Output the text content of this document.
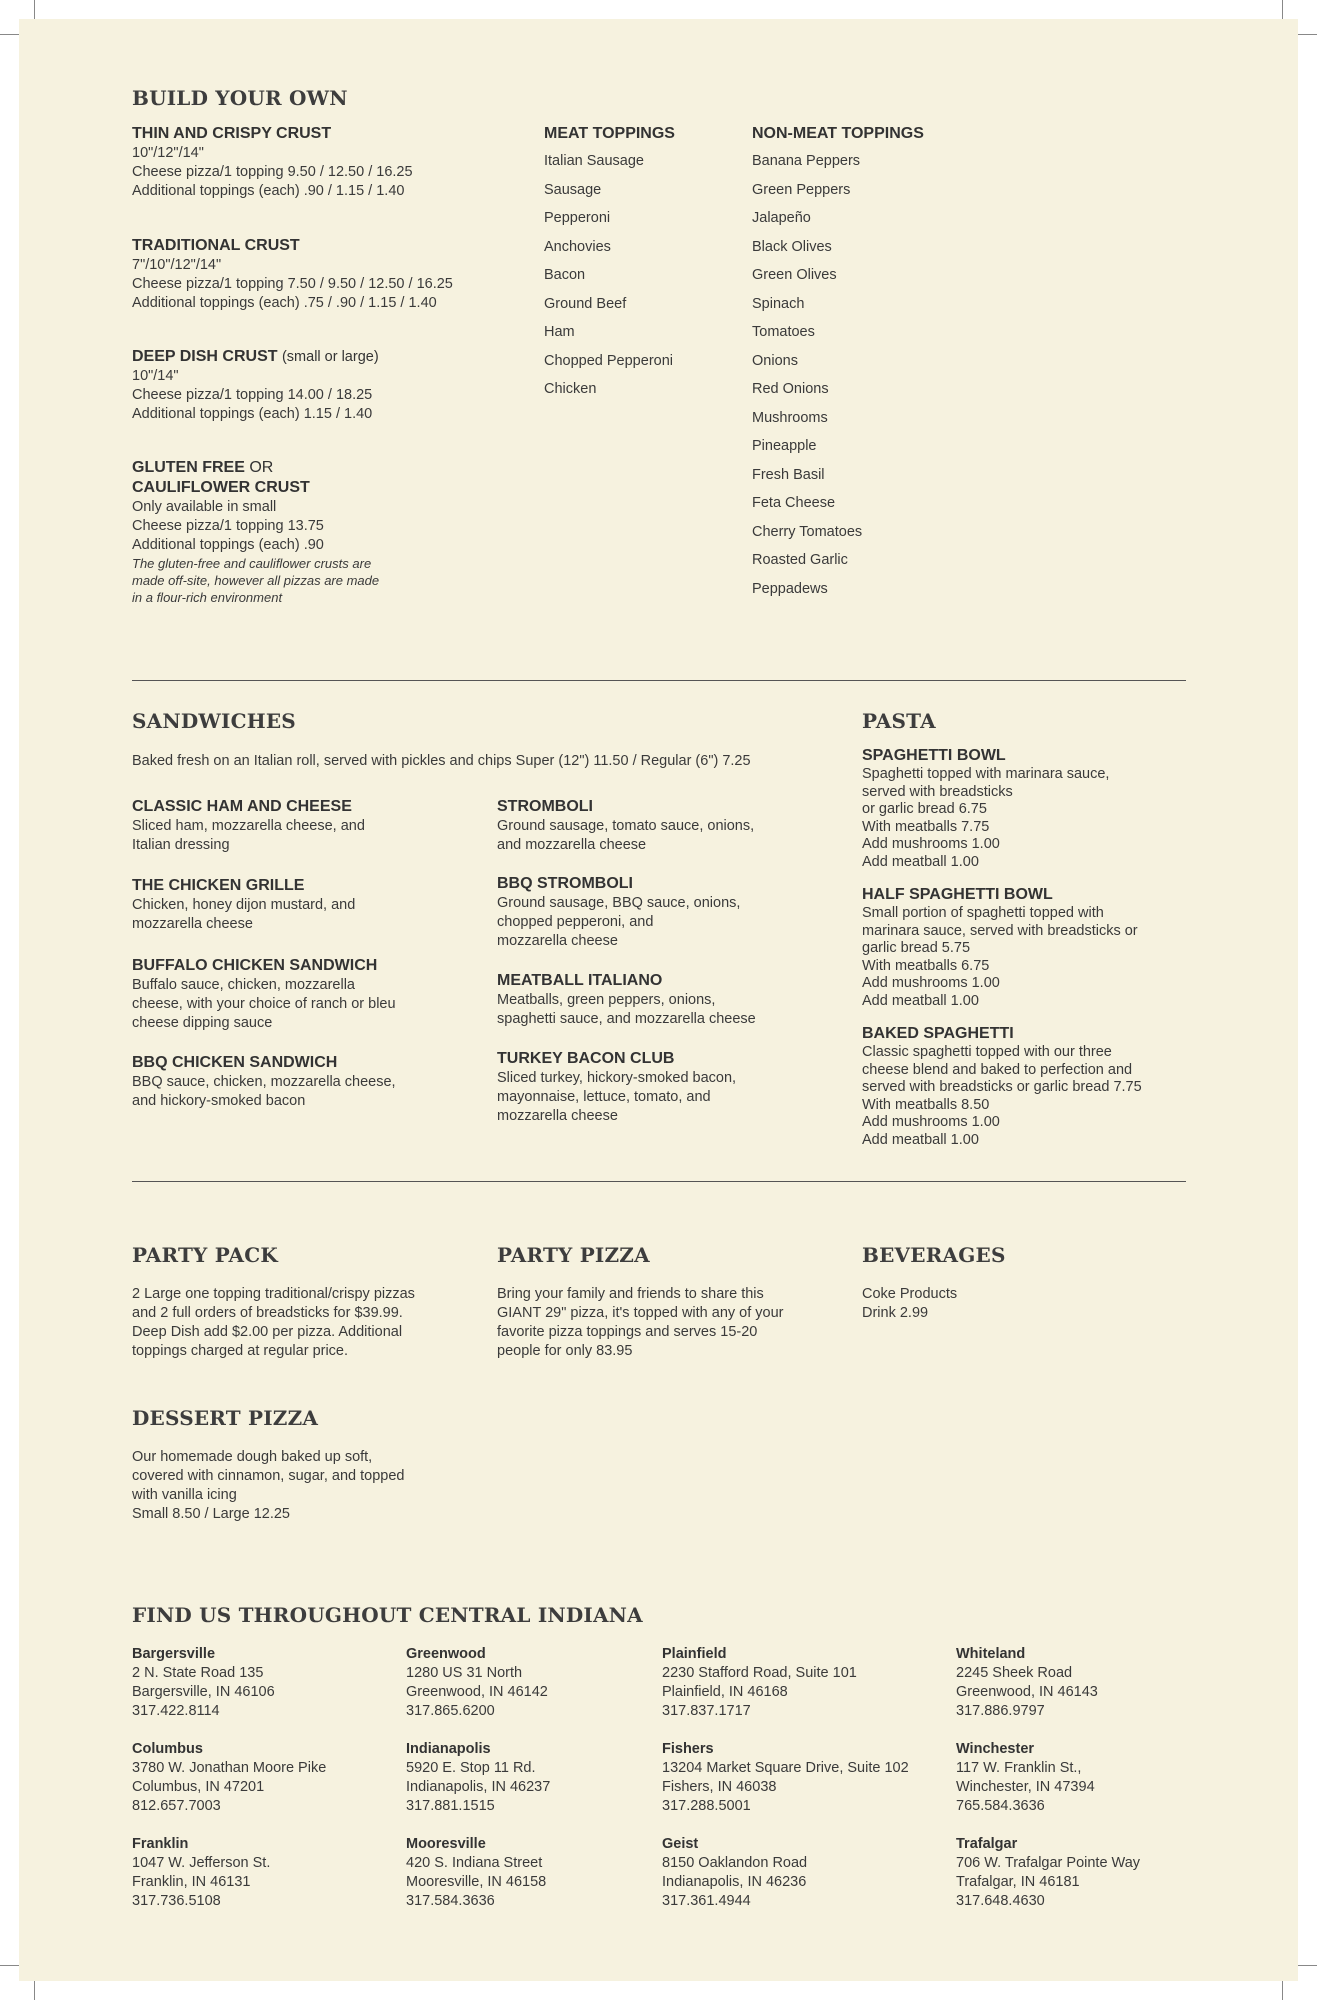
BUILD YOUR OWN

THIN AND CRISPY CRUST

10"/12"/14"

Cheese pizza/1 topping 9.50 / 12.50 / 16.25

Additional toppings (each) .90 / 1.15 / 1.40

TRADITIONAL CRUST

7"/10"/12"/14"

Cheese pizza/1 topping 7.50 / 9.50 / 12.50 / 16.25

Additional toppings (each) .75 / .90 / 1.15 / 1.40

DEEP DISH CRUST (small or large)

10"/14"

Cheese pizza/1 topping 14.00 / 18.25

Additional toppings (each) 1.15 / 1.40

GLUTEN FREE OR

CAULIFLOWER CRUST

Only available in small

Cheese pizza/1 topping 13.75

Additional toppings (each) .90

The gluten-free and cauliflower crusts are

made off-site, however all pizzas are made

in a flour-rich environment

MEAT TOPPINGS

Italian Sausage
Sausage
Pepperoni
Anchovies
Bacon
Ground Beef
Ham
Chopped Pepperoni
Chicken

NON-MEAT TOPPINGS

Banana Peppers
Green Peppers
Jalapeño
Black Olives
Green Olives
Spinach
Tomatoes
Onions
Red Onions
Mushrooms
Pineapple
Fresh Basil
Feta Cheese
Cherry Tomatoes
Roasted Garlic
Peppadews
SANDWICHES

Baked fresh on an Italian roll, served with pickles and chips Super (12") 11.50 / Regular (6") 7.25

CLASSIC HAM AND CHEESE

Sliced ham, mozzarella cheese, and

Italian dressing

THE CHICKEN GRILLE

Chicken, honey dijon mustard, and

mozzarella cheese

BUFFALO CHICKEN SANDWICH

Buffalo sauce, chicken, mozzarella

cheese, with your choice of ranch or bleu

cheese dipping sauce

BBQ CHICKEN SANDWICH

BBQ sauce, chicken, mozzarella cheese,

and hickory-smoked bacon

STROMBOLI

Ground sausage, tomato sauce, onions,

and mozzarella cheese

BBQ STROMBOLI

Ground sausage, BBQ sauce, onions,

chopped pepperoni, and

mozzarella cheese

MEATBALL ITALIANO

Meatballs, green peppers, onions,

spaghetti sauce, and mozzarella cheese

TURKEY BACON CLUB

Sliced turkey, hickory-smoked bacon,

mayonnaise, lettuce, tomato, and

mozzarella cheese

PASTA

SPAGHETTI BOWL

Spaghetti topped with marinara sauce,

served with breadsticks

or garlic bread 6.75

With meatballs 7.75

Add mushrooms 1.00

Add meatball 1.00

HALF SPAGHETTI BOWL

Small portion of spaghetti topped with

marinara sauce, served with breadsticks or

garlic bread 5.75

With meatballs 6.75

Add mushrooms 1.00

Add meatball 1.00

BAKED SPAGHETTI

Classic spaghetti topped with our three

cheese blend and baked to perfection and

served with breadsticks or garlic bread 7.75

With meatballs 8.50

Add mushrooms 1.00

Add meatball 1.00

PARTY PACK

2 Large one topping traditional/crispy pizzas

and 2 full orders of breadsticks for $39.99.

Deep Dish add $2.00 per pizza. Additional

toppings charged at regular price.

PARTY PIZZA

Bring your family and friends to share this

GIANT 29" pizza, it's topped with any of your

favorite pizza toppings and serves 15-20

people for only 83.95

BEVERAGES

Coke Products

Drink 2.99

DESSERT PIZZA

Our homemade dough baked up soft,

covered with cinnamon, sugar, and topped

with vanilla icing

Small 8.50 / Large 12.25

FIND US THROUGHOUT CENTRAL INDIANA

Bargersville

2 N. State Road 135

Bargersville, IN 46106

317.422.8114

Columbus

3780 W. Jonathan Moore Pike

Columbus, IN 47201

812.657.7003

Franklin

1047 W. Jefferson St.

Franklin, IN 46131

317.736.5108

Greenwood

1280 US 31 North

Greenwood, IN 46142

317.865.6200

Indianapolis

5920 E. Stop 11 Rd.

Indianapolis, IN 46237

317.881.1515

Mooresville

420 S. Indiana Street

Mooresville, IN 46158

317.584.3636

Plainfield

2230 Stafford Road, Suite 101

Plainfield, IN 46168

317.837.1717

Fishers

13204 Market Square Drive, Suite 102

Fishers, IN 46038

317.288.5001

Geist

8150 Oaklandon Road

Indianapolis, IN 46236

317.361.4944

Whiteland

2245 Sheek Road

Greenwood, IN 46143

317.886.9797

Winchester

117 W. Franklin St.,

Winchester, IN 47394

765.584.3636

Trafalgar

706 W. Trafalgar Pointe Way

Trafalgar, IN 46181

317.648.4630
